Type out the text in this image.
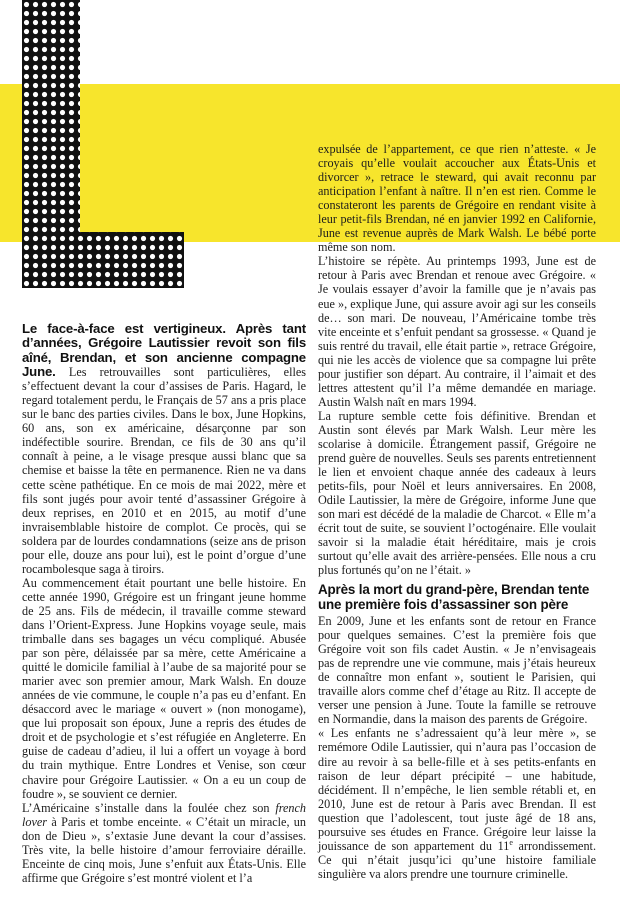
Le face-à-face est vertigineux. Après tant d’années, Grégoire Lautissier revoit son fils aîné, Brendan, et son ancienne compagne June. Les retrouvailles sont particulières, elles s’effectuent devant la cour d’assises de Paris. Hagard, le regard totalement perdu, le Français de 57 ans a pris place sur le banc des parties civiles. Dans le box, June Hopkins, 60 ans, son ex américaine, désarçonne par son indéfectible sourire. Brendan, ce fils de 30 ans qu’il connaît à peine, a le visage presque aussi blanc que sa chemise et baisse la tête en permanence. Rien ne va dans cette scène pathétique. En ce mois de mai 2022, mère et fils sont jugés pour avoir tenté d’assassiner Grégoire à deux reprises, en 2010 et en 2015, au motif d’une invraisemblable histoire de complot. Ce procès, qui se soldera par de lourdes condamnations (seize ans de prison pour elle, douze ans pour lui), est le point d’orgue d’une rocambolesque saga à tiroirs.

Au commencement était pourtant une belle histoire. En cette année 1990, Grégoire est un fringant jeune homme de 25 ans. Fils de médecin, il travaille comme steward dans l’Orient-Express. June Hopkins voyage seule, mais trimballe dans ses bagages un vécu compliqué. Abusée par son père, délaissée par sa mère, cette Américaine a quitté le domicile familial à l’aube de sa majorité pour se marier avec son premier amour, Mark Walsh. En douze années de vie commune, le couple n’a pas eu d’enfant. En désaccord avec le mariage « ouvert » (non monogame), que lui proposait son époux, June a repris des études de droit et de psychologie et s’est réfugiée en Angleterre. En guise de cadeau d’adieu, il lui a offert un voyage à bord du train mythique. Entre Londres et Venise, son cœur chavire pour Grégoire Lautissier. « On a eu un coup de foudre », se souvient ce dernier.

L’Américaine s’installe dans la foulée chez son french lover à Paris et tombe enceinte. « C’était un miracle, un don de Dieu », s’extasie June devant la cour d’assises. Très vite, la belle histoire d’amour ferroviaire déraille. Enceinte de cinq mois, June s’enfuit aux États-Unis. Elle affirme que Grégoire s’est montré violent et l’a

expulsée de l’appartement, ce que rien n’atteste. « Je croyais qu’elle voulait accoucher aux États-Unis et divorcer », retrace le steward, qui avait reconnu par anticipation l’enfant à naître. Il n’en est rien. Comme le constateront les parents de Grégoire en rendant visite à leur petit-fils Brendan, né en janvier 1992 en Californie, June est revenue auprès de Mark Walsh. Le bébé porte même son nom.

L’histoire se répète. Au printemps 1993, June est de retour à Paris avec Brendan et renoue avec Grégoire. « Je voulais essayer d’avoir la famille que je n’avais pas eue », explique June, qui assure avoir agi sur les conseils de… son mari. De nouveau, l’Américaine tombe très vite enceinte et s’enfuit pendant sa grossesse. « Quand je suis rentré du travail, elle était partie », retrace Grégoire, qui nie les accès de violence que sa compagne lui prête pour justifier son départ. Au contraire, il l’aimait et des lettres attestent qu’il l’a même demandée en mariage. Austin Walsh naît en mars 1994.

La rupture semble cette fois définitive. Brendan et Austin sont élevés par Mark Walsh. Leur mère les scolarise à domicile. Étrangement passif, Grégoire ne prend guère de nouvelles. Seuls ses parents entretiennent le lien et envoient chaque année des cadeaux à leurs petits-fils, pour Noël et leurs anniversaires. En 2008, Odile Lautissier, la mère de Grégoire, informe June que son mari est décédé de la maladie de Charcot. « Elle m’a écrit tout de suite, se souvient l’octogénaire. Elle voulait savoir si la maladie était héréditaire, mais je crois surtout qu’elle avait des arrière-pensées. Elle nous a cru plus fortunés qu’on ne l’était. »

Après la mort du grand-père, Brendan tente une première fois d’assassiner son père

En 2009, June et les enfants sont de retour en France pour quelques semaines. C’est la première fois que Grégoire voit son fils cadet Austin. « Je n’envisageais pas de reprendre une vie commune, mais j’étais heureux de connaître mon enfant », soutient le Parisien, qui travaille alors comme chef d’étage au Ritz. Il accepte de verser une pension à June. Toute la famille se retrouve en Normandie, dans la maison des parents de Grégoire.

« Les enfants ne s’adressaient qu’à leur mère », se remémore Odile Lautissier, qui n’aura pas l’occasion de dire au revoir à sa belle-fille et à ses petits-enfants en raison de leur départ précipité – une habitude, décidément. Il n’empêche, le lien semble rétabli et, en 2010, June est de retour à Paris avec Brendan. Il est question que l’adolescent, tout juste âgé de 18 ans, poursuive ses études en France. Grégoire leur laisse la jouissance de son appartement du 11e arrondissement. Ce qui n’était jusqu’ici qu’une histoire familiale singulière va alors prendre une tournure criminelle.
